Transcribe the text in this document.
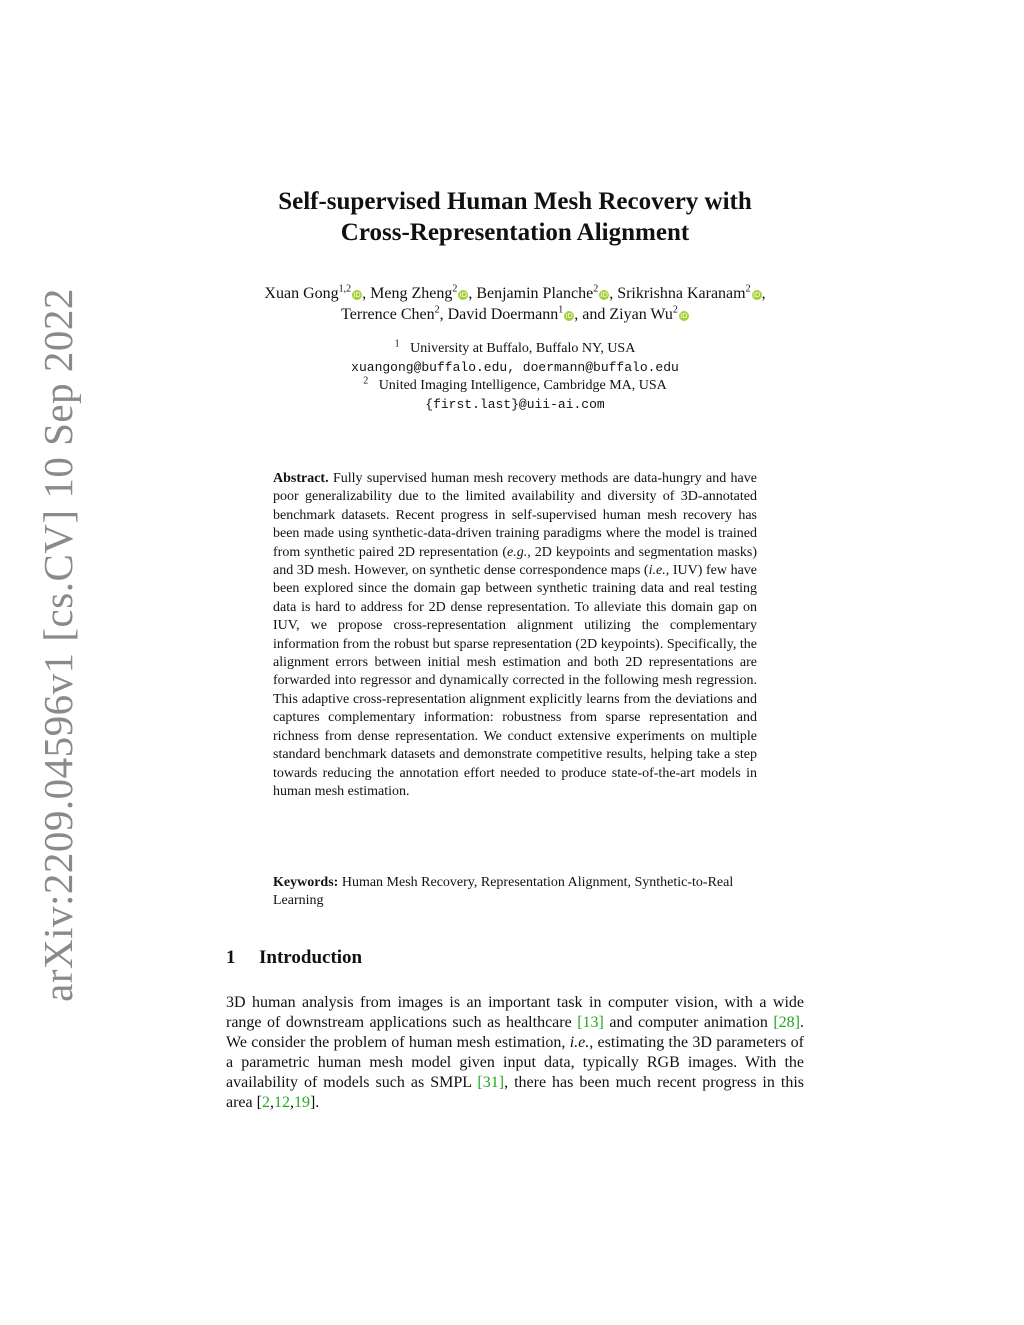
arXiv:2209.04596v1 [cs.CV] 10 Sep 2022
Self-supervised Human Mesh Recovery with
Cross-Representation Alignment
Xuan Gong$^{1,2}$iD, Meng Zheng$^2$iD, Benjamin Planche$^2$iD, Srikrishna Karanam$^2$iD,
Terrence Chen$^2$, David Doermann$^1$iD, and Ziyan Wu$^2$iD
$^1$ University at Buffalo, Buffalo NY, USA
xuangong@buffalo.edu, doermann@buffalo.edu
$^2$ United Imaging Intelligence, Cambridge MA, USA
{first.last}@uii-ai.com
Abstract. Fully supervised human mesh recovery methods are data-hungry and have poor generalizability due to the limited availability and diversity of 3D-annotated benchmark datasets. Recent progress in self-supervised human mesh recovery has been made using synthetic-data-driven training paradigms where the model is trained from synthetic paired 2D representation (e.g., 2D keypoints and segmentation masks) and 3D mesh. However, on synthetic dense correspondence maps (i.e., IUV) few have been explored since the domain gap between synthetic training data and real testing data is hard to address for 2D dense representation. To alleviate this domain gap on IUV, we propose cross-representation alignment utilizing the complementary information from the robust but sparse representation (2D keypoints). Specifically, the alignment errors between initial mesh estimation and both 2D representations are forwarded into regressor and dynamically corrected in the following mesh regression. This adaptive cross-representation alignment explicitly learns from the deviations and captures complementary information: robustness from sparse representation and richness from dense representation. We conduct extensive experiments on multiple standard benchmark datasets and demonstrate competitive results, helping take a step towards reducing the annotation effort needed to produce state-of-the-art models in human mesh estimation.
Keywords: Human Mesh Recovery, Representation Alignment, Synthetic-to-Real Learning
1 Introduction
3D human analysis from images is an important task in computer vision, with a wide range of downstream applications such as healthcare [13] and computer animation [28]. We consider the problem of human mesh estimation, i.e., estimating the 3D parameters of a parametric human mesh model given input data, typically RGB images. With the availability of models such as SMPL [31], there has been much recent progress in this area [2,12,19].
